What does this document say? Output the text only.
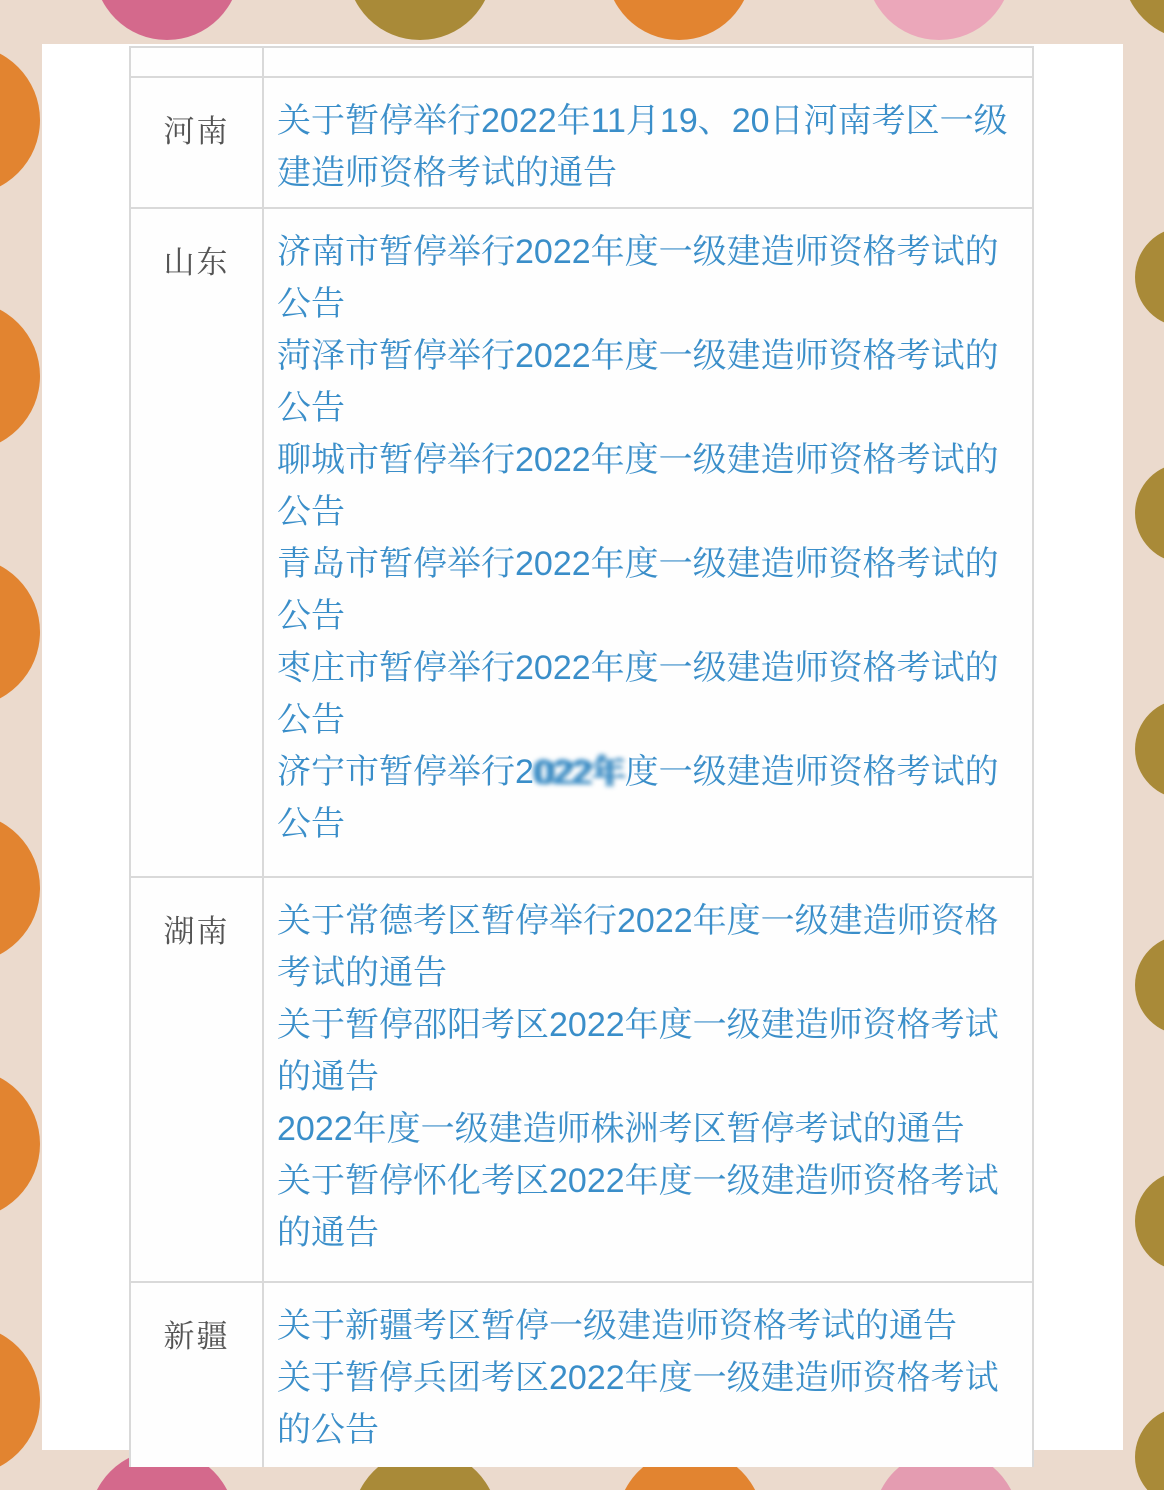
河南	关于暂停举行2022年11月19、20日河南考区一级建造师资格考试的通告
山东	济南市暂停举行2022年度一级建造师资格考试的公告
菏泽市暂停举行2022年度一级建造师资格考试的公告
聊城市暂停举行2022年度一级建造师资格考试的公告
青岛市暂停举行2022年度一级建造师资格考试的公告
枣庄市暂停举行2022年度一级建造师资格考试的公告
济宁市暂停举行2022年度一级建造师资格考试的公告
湖南	关于常德考区暂停举行2022年度一级建造师资格考试的通告
关于暂停邵阳考区2022年度一级建造师资格考试的通告
2022年度一级建造师株洲考区暂停考试的通告
关于暂停怀化考区2022年度一级建造师资格考试的通告
新疆	关于新疆考区暂停一级建造师资格考试的通告
关于暂停兵团考区2022年度一级建造师资格考试的公告
